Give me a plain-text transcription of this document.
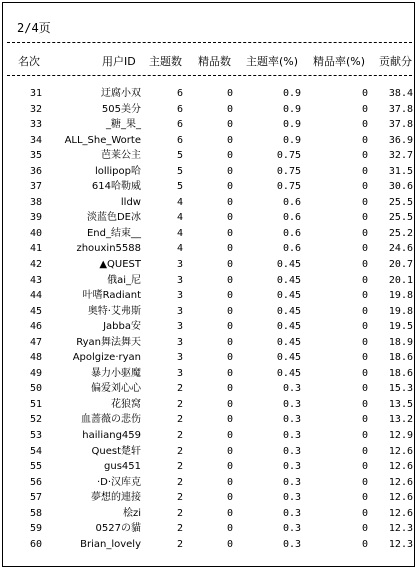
2/4页
名次	用户ID 主题数 精品数 主题率(%) 精品率(%) 贡献分
31	迂腐小双	6	0	0.9	0 38.4
32	505美分	6	0	0.9	0 37.8
33	_糖_果_	6	0	0.9	0 37.8
34	ALL_She_Worte	6	0	0.9	0 36.9
35	芭莱公主	5	0	0.75	0 32.7
36	lollipop哈	5	0	0.75	0 31.5
37	614哈勒威	5	0	0.75	0 30.6
38	lldw	4	0	0.6	0 25.5
39	淡蓝色DE冰	4	0	0.6	0 25.5
40	End_结束__	4	0	0.6	0 25.2
41	zhouxin5588	4	0	0.6	0 24.6
42	▲QUEST	3	0	0.45	0 20.7
43	俄ai_尼	3	0	0.45	0 20.1
44	叶嗜Radiant	3	0	0.45	0 19.8
45	奥特·艾弗斯	3	0	0.45	0 19.8
46	Jabba安	3	0	0.45	0 19.5
47	Ryan舞法舞天	3	0	0.45	0 18.9
48	Apolgize·ryan	3	0	0.45	0 18.6
49	暴力小驱魔	3	0	0.45	0 18.6
50	偏爱刘心心	2	0	0.3	0 15.3
51	花狼窝	2	0	0.3	0 13.5
52	血蔷薇の悲伤	2	0	0.3	0 13.2
53	hailiang459	2	0	0.3	0 12.9
54	Quest楚轩	2	0	0.3	0 12.6
55	gus451	2	0	0.3	0 12.6
56	·D·汉库克	2	0	0.3	0 12.6
57	夢想的連接	2	0	0.3	0 12.6
58	桧zi	2	0	0.3	0 12.6
59	0527の貓	2	0	0.3	0 12.3
60	Brian_lovely	2	0	0.3	0 12.3
